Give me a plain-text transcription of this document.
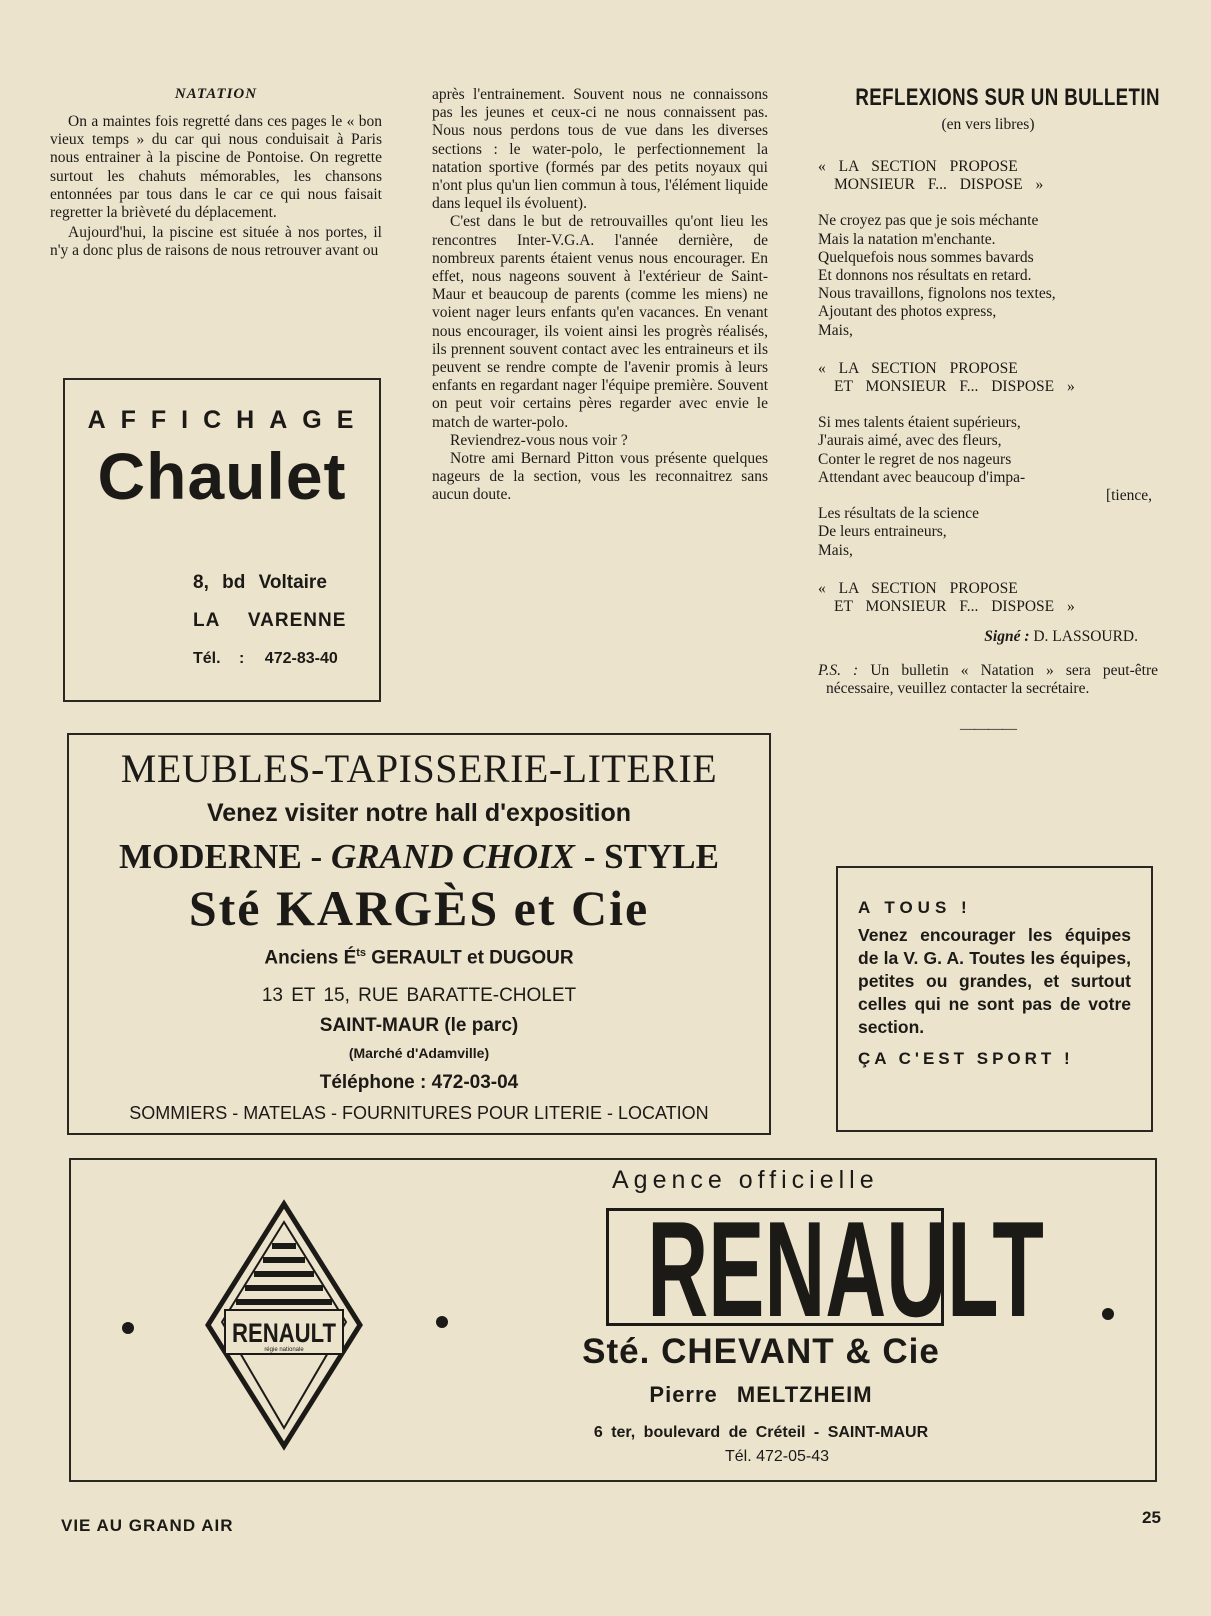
NATATION

On a maintes fois regretté dans ces pages le « bon vieux temps » du car qui nous conduisait à Paris nous entrainer à la piscine de Pontoise. On regrette surtout les chahuts mémorables, les chansons entonnées par tous dans le car ce qui nous faisait regretter la brièveté du déplacement.

Aujourd'hui, la piscine est située à nos portes, il n'y a donc plus de raisons de nous retrouver avant ou

après l'entrainement. Souvent nous ne connaissons pas les jeunes et ceux-ci ne nous connaissent pas. Nous nous perdons tous de vue dans les diverses sections : le water-polo, le perfectionnement la natation sportive (formés par des petits noyaux qui n'ont plus qu'un lien commun à tous, l'élément liquide dans lequel ils évoluent).

C'est dans le but de retrouvailles qu'ont lieu les rencontres Inter-V.G.A. l'année dernière, de nombreux parents étaient venus nous encourager. En effet, nous nageons souvent à l'extérieur de Saint-Maur et beaucoup de parents (comme les miens) ne voient nager leurs enfants qu'en vacances. En venant nous encourager, ils voient ainsi les progrès réalisés, ils prennent souvent contact avec les entraineurs et ils peuvent se rendre compte de l'avenir promis à leurs enfants en regardant nager l'équipe première. Souvent on peut voir certains pères regarder avec envie le match de warter-polo.

Reviendrez-vous nous voir ?

Notre ami Bernard Pitton vous présente quelques nageurs de la section, vous les reconnaitrez sans aucun doute.

AFFICHAGE
Chaulet
8, bd Voltaire
LA VARENNE
Tél. : 472-83-40
REFLEXIONS SUR UN BULLETIN
(en vers libres)

« LA SECTION PROPOSE

MONSIEUR F... DISPOSE »

Ne croyez pas que je sois méchante

Mais la natation m'enchante.

Quelquefois nous sommes bavards

Et donnons nos résultats en retard.

Nous travaillons, fignolons nos textes,

Ajoutant des photos express,

Mais,

« LA SECTION PROPOSE

ET MONSIEUR F... DISPOSE »

Si mes talents étaient supérieurs,

J'aurais aimé, avec des fleurs,

Conter le regret de nos nageurs

Attendant avec beaucoup d'impa-

[tience,

Les résultats de la science

De leurs entraineurs,

Mais,

« LA SECTION PROPOSE

ET MONSIEUR F... DISPOSE »

Signé : D. LASSOURD.
P.S. : Un bulletin « Natation » sera peut-être nécessaire, veuillez contacter la secrétaire.
————
MEUBLES-TAPISSERIE-LITERIE
Venez visiter notre hall d'exposition
MODERNE - GRAND CHOIX - STYLE
Sté KARGÈS et Cie
Anciens $É^{ts}$ GERAULT et DUGOUR
13 ET 15, RUE BARATTE-CHOLET
SAINT-MAUR (le parc)
(Marché d'Adamville)
Téléphone : 472-03-04
SOMMIERS - MATELAS - FOURNITURES POUR LITERIE - LOCATION
A TOUS !
Venez encourager les équipes de la V. G. A. Toutes les équipes, petites ou grandes, et surtout celles qui ne sont pas de votre section.
ÇA C'EST SPORT !
Agence officielle
RENAULT
régie nationale
RENAULT
Sté. CHEVANT & Cie
Pierre MELTZHEIM
6 ter, boulevard de Créteil - SAINT-MAUR
Tél. 472-05-43
VIE AU GRAND AIR	25
